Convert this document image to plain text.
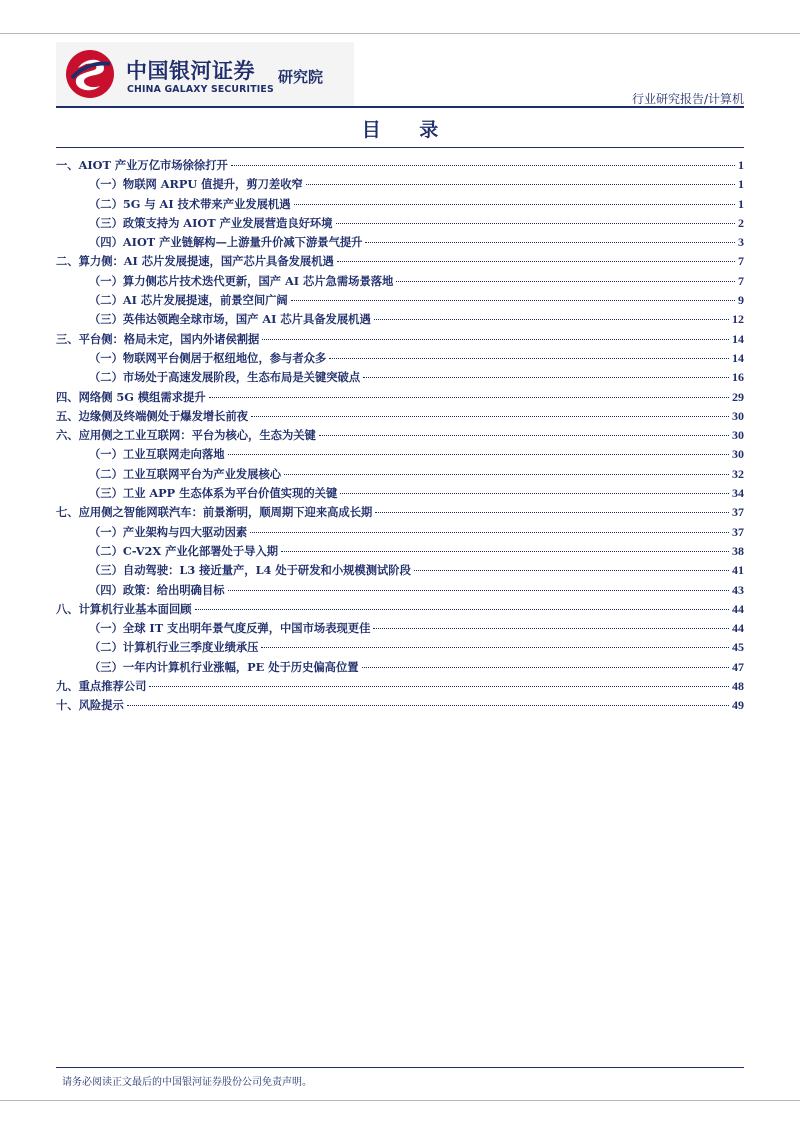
中国银河证券
CHINA GALAXY SECURITIES
研究院
行业研究报告/计算机
目 录
一、AIOT 产业万亿市场徐徐打开	1
（一）物联网 ARPU 值提升，剪刀差收窄	1
（二）5G 与 AI 技术带来产业发展机遇	1
（三）政策支持为 AIOT 产业发展营造良好环境	2
（四）AIOT 产业链解构—上游量升价减下游景气提升	3
二、算力侧：AI 芯片发展提速，国产芯片具备发展机遇	7
（一）算力侧芯片技术迭代更新，国产 AI 芯片急需场景落地	7
（二）AI 芯片发展提速，前景空间广阔	9
（三）英伟达领跑全球市场，国产 AI 芯片具备发展机遇	12
三、平台侧：格局未定，国内外诸侯割据	14
（一）物联网平台侧居于枢纽地位，参与者众多	14
（二）市场处于高速发展阶段，生态布局是关键突破点	16
四、网络侧 5G 模组需求提升	29
五、边缘侧及终端侧处于爆发增长前夜	30
六、应用侧之工业互联网：平台为核心，生态为关键	30
（一）工业互联网走向落地	30
（二）工业互联网平台为产业发展核心	32
（三）工业 APP 生态体系为平台价值实现的关键	34
七、应用侧之智能网联汽车：前景渐明，顺周期下迎来高成长期	37
（一）产业架构与四大驱动因素	37
（二）C-V2X 产业化部署处于导入期	38
（三）自动驾驶：L3 接近量产，L4 处于研发和小规模测试阶段	41
（四）政策：给出明确目标	43
八、计算机行业基本面回顾	44
（一）全球 IT 支出明年景气度反弹，中国市场表现更佳	44
（二）计算机行业三季度业绩承压	45
（三）一年内计算机行业涨幅，PE 处于历史偏高位置	47
九、重点推荐公司	48
十、风险提示	49
请务必阅读正文最后的中国银河证券股份公司免责声明。
